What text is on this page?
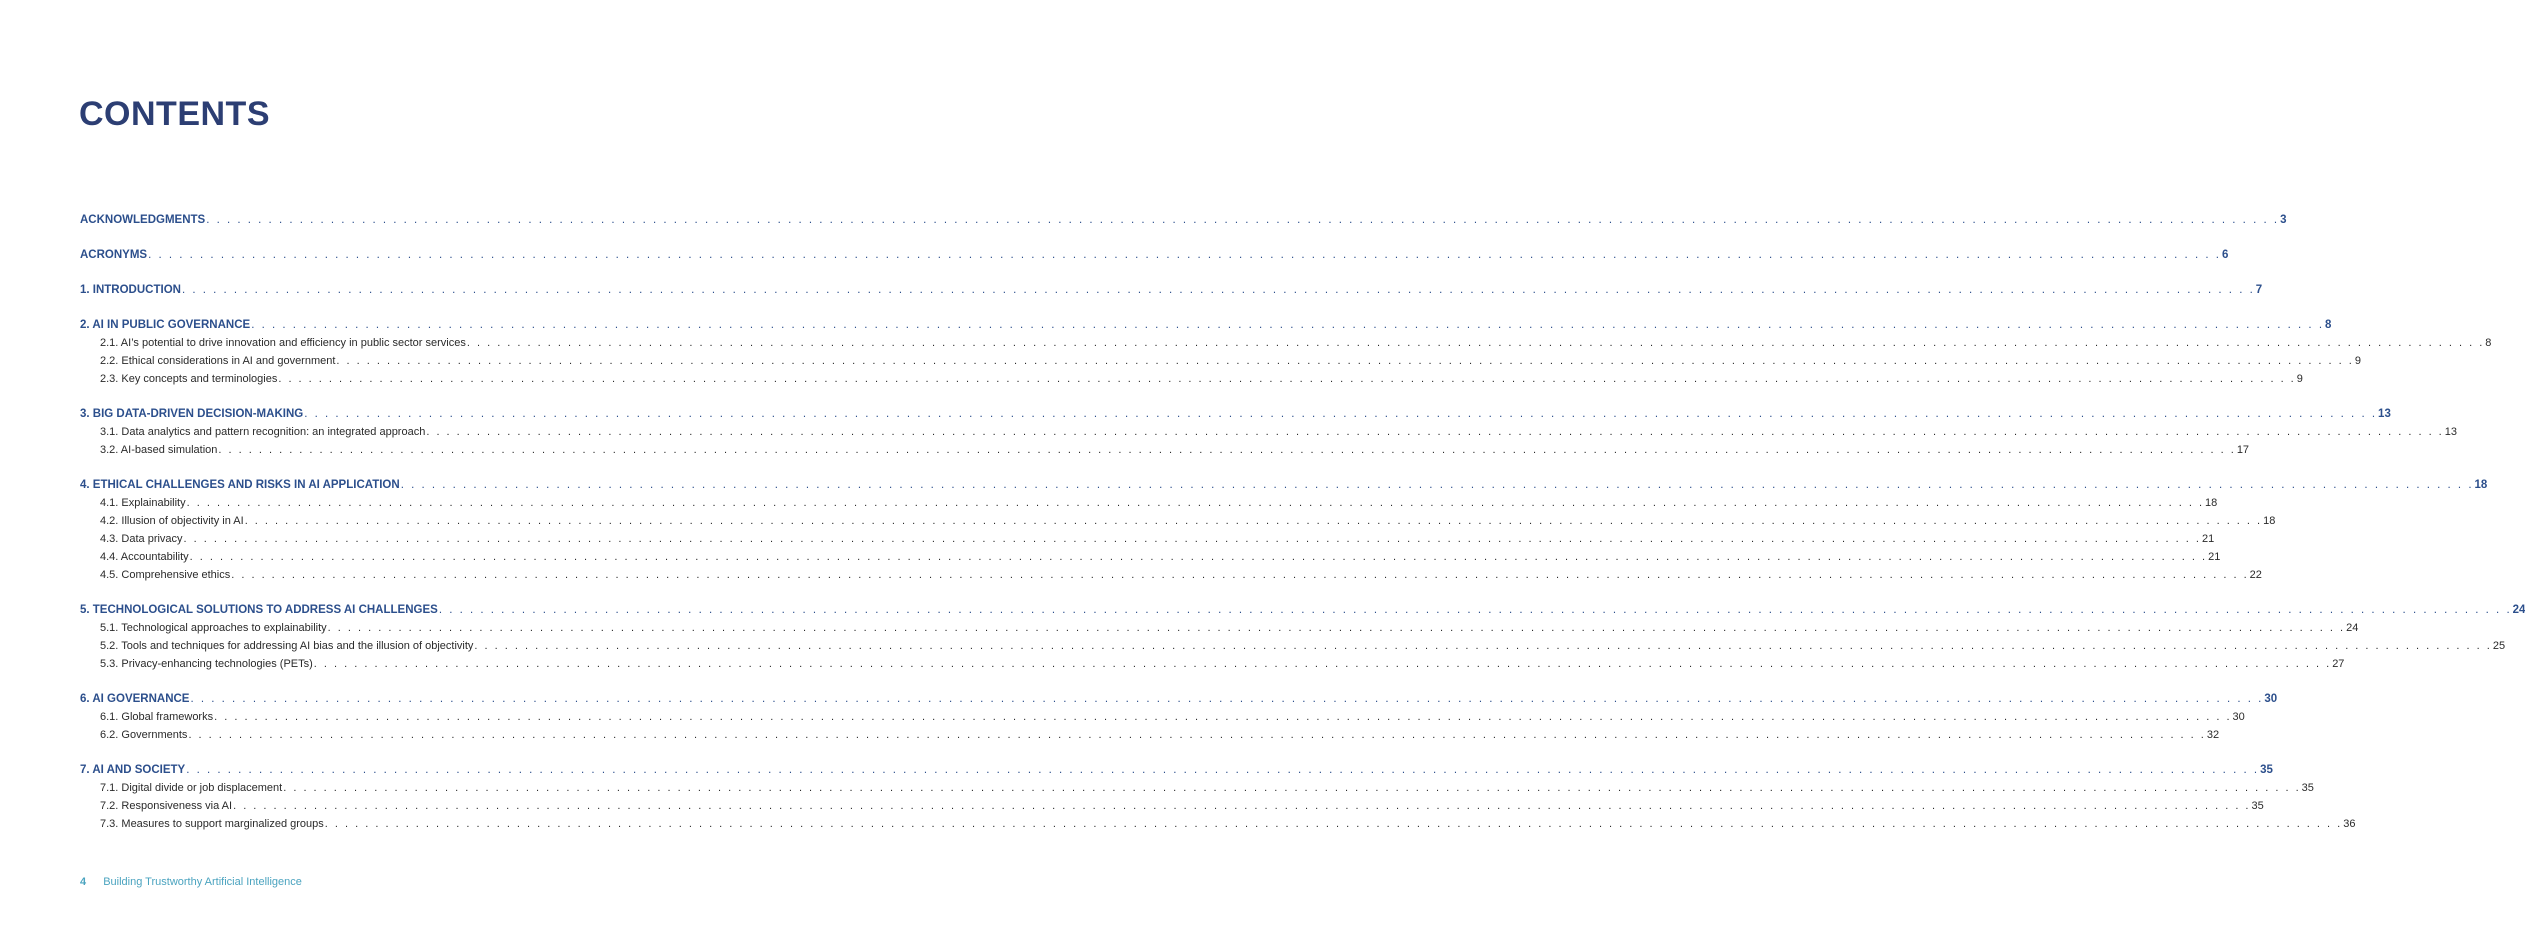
CONTENTS
ACKNOWLEDGMENTS . . . . . . . . . . . . . . . . . . . . . . . . . . . . . . . . . . . . . . . . . . . . . . . . . . . . . . . . . . . . . . . . . . . . . . . . . . . . . . . . . . . . . . . . . . . . . . . . . . . . . . . . . . . . . . . . . . . . . . . . . . . . . . . . . . . . . . . . . . . . . . . . . . . . . . . . . . . . . . . . . . . . . . . . . . . . . . . . . . . . . . . . . . . . . . . . . . . . . . . . 3
ACRONYMS . . . . . . . . . . . . . . . . . . . . . . . . . . . . . . . . . . . . . . . . . . . . . . . . . . . . . . . . . . . . . . . . . . . . . . . . . . . . . . . . . . . . . . . . . . . . . . . . . . . . . . . . . . . . . . . . . . . . . . . . . . . . . . . . . . . . . . . . . . . . . . . . . . . . . . . . . . . . . . . . . . . . . . . . . . . . . . . . . . . . . . . . . . . . . . . . . . . . . . . . 6
1. INTRODUCTION . . . . . . . . . . . . . . . . . . . . . . . . . . . . . . . . . . . . . . . . . . . . . . . . . . . . . . . . . . . . . . . . . . . . . . . . . . . . . . . . . . . . . . . . . . . . . . . . . . . . . . . . . . . . . . . . . . . . . . . . . . . . . . . . . . . . . . . . . . . . . . . . . . . . . . . . . . . . . . . . . . . . . . . . . . . . . . . . . . . . . . . . . . . . . . . . . . . . . . . . 7
2. AI IN PUBLIC GOVERNANCE . . . . . . . . . . . . . . . . . . . . . . . . . . . . . . . . . . . . . . . . . . . . . . . . . . . . . . . . . . . . . . . . . . . . . . . . . . . . . . . . . . . . . . . . . . . . . . . . . . . . . . . . . . . . . . . . . . . . . . . . . . . . . . . . . . . . . . . . . . . . . . . . . . . . . . . . . . . . . . . . . . . . . . . . . . . . . . . . . . . . . . . . . . . . . . . . . . . . . . . . 8
2.1. AI’s potential to drive innovation and efficiency in public sector services . . . . . . . . . . . . . . . . . . . . . . . . . . . . . . . . . . . . . . . . . . . . . . . . . . . . . . . . . . . . . . . . . . . . . . . . . . . . . . . . . . . . . . . . . . . . . . . . . . . . . . . . . . . . . . . . . . . . . . . . . . . . . . . . . . . . . . . . . . . . . . . . . . . . . . . . . . . . . . . . . . . . . . . . . . . . . . . . . . . . . . . . . . . . . . . . . . . . . . . . 8
2.2. Ethical considerations in AI and government . . . . . . . . . . . . . . . . . . . . . . . . . . . . . . . . . . . . . . . . . . . . . . . . . . . . . . . . . . . . . . . . . . . . . . . . . . . . . . . . . . . . . . . . . . . . . . . . . . . . . . . . . . . . . . . . . . . . . . . . . . . . . . . . . . . . . . . . . . . . . . . . . . . . . . . . . . . . . . . . . . . . . . . . . . . . . . . . . . . . . . . . . . . . . . . . . . . . . . . . 9
2.3. Key concepts and terminologies . . . . . . . . . . . . . . . . . . . . . . . . . . . . . . . . . . . . . . . . . . . . . . . . . . . . . . . . . . . . . . . . . . . . . . . . . . . . . . . . . . . . . . . . . . . . . . . . . . . . . . . . . . . . . . . . . . . . . . . . . . . . . . . . . . . . . . . . . . . . . . . . . . . . . . . . . . . . . . . . . . . . . . . . . . . . . . . . . . . . . . . . . . . . . . . . . . . . . . . . 9
3. BIG DATA-DRIVEN DECISION-MAKING . . . . . . . . . . . . . . . . . . . . . . . . . . . . . . . . . . . . . . . . . . . . . . . . . . . . . . . . . . . . . . . . . . . . . . . . . . . . . . . . . . . . . . . . . . . . . . . . . . . . . . . . . . . . . . . . . . . . . . . . . . . . . . . . . . . . . . . . . . . . . . . . . . . . . . . . . . . . . . . . . . . . . . . . . . . . . . . . . . . . . . . . . . . . . . . . . . . . . . . . 13
3.1. Data analytics and pattern recognition: an integrated approach . . . . . . . . . . . . . . . . . . . . . . . . . . . . . . . . . . . . . . . . . . . . . . . . . . . . . . . . . . . . . . . . . . . . . . . . . . . . . . . . . . . . . . . . . . . . . . . . . . . . . . . . . . . . . . . . . . . . . . . . . . . . . . . . . . . . . . . . . . . . . . . . . . . . . . . . . . . . . . . . . . . . . . . . . . . . . . . . . . . . . . . . . . . . . . . . . . . . . . . . 13
3.2. AI-based simulation . . . . . . . . . . . . . . . . . . . . . . . . . . . . . . . . . . . . . . . . . . . . . . . . . . . . . . . . . . . . . . . . . . . . . . . . . . . . . . . . . . . . . . . . . . . . . . . . . . . . . . . . . . . . . . . . . . . . . . . . . . . . . . . . . . . . . . . . . . . . . . . . . . . . . . . . . . . . . . . . . . . . . . . . . . . . . . . . . . . . . . . . . . . . . . . . . . . . . . . . 17
4. ETHICAL CHALLENGES AND RISKS IN AI APPLICATION . . . . . . . . . . . . . . . . . . . . . . . . . . . . . . . . . . . . . . . . . . . . . . . . . . . . . . . . . . . . . . . . . . . . . . . . . . . . . . . . . . . . . . . . . . . . . . . . . . . . . . . . . . . . . . . . . . . . . . . . . . . . . . . . . . . . . . . . . . . . . . . . . . . . . . . . . . . . . . . . . . . . . . . . . . . . . . . . . . . . . . . . . . . . . . . . . . . . . . . . 18
4.1. Explainability . . . . . . . . . . . . . . . . . . . . . . . . . . . . . . . . . . . . . . . . . . . . . . . . . . . . . . . . . . . . . . . . . . . . . . . . . . . . . . . . . . . . . . . . . . . . . . . . . . . . . . . . . . . . . . . . . . . . . . . . . . . . . . . . . . . . . . . . . . . . . . . . . . . . . . . . . . . . . . . . . . . . . . . . . . . . . . . . . . . . . . . . . . . . . . . . . . . . . . . . 18
4.2. Illusion of objectivity in AI . . . . . . . . . . . . . . . . . . . . . . . . . . . . . . . . . . . . . . . . . . . . . . . . . . . . . . . . . . . . . . . . . . . . . . . . . . . . . . . . . . . . . . . . . . . . . . . . . . . . . . . . . . . . . . . . . . . . . . . . . . . . . . . . . . . . . . . . . . . . . . . . . . . . . . . . . . . . . . . . . . . . . . . . . . . . . . . . . . . . . . . . . . . . . . . . . . . . . . . . 18
4.3. Data privacy . . . . . . . . . . . . . . . . . . . . . . . . . . . . . . . . . . . . . . . . . . . . . . . . . . . . . . . . . . . . . . . . . . . . . . . . . . . . . . . . . . . . . . . . . . . . . . . . . . . . . . . . . . . . . . . . . . . . . . . . . . . . . . . . . . . . . . . . . . . . . . . . . . . . . . . . . . . . . . . . . . . . . . . . . . . . . . . . . . . . . . . . . . . . . . . . . . . . . . . . 21
4.4. Accountability . . . . . . . . . . . . . . . . . . . . . . . . . . . . . . . . . . . . . . . . . . . . . . . . . . . . . . . . . . . . . . . . . . . . . . . . . . . . . . . . . . . . . . . . . . . . . . . . . . . . . . . . . . . . . . . . . . . . . . . . . . . . . . . . . . . . . . . . . . . . . . . . . . . . . . . . . . . . . . . . . . . . . . . . . . . . . . . . . . . . . . . . . . . . . . . . . . . . . . . . 21
4.5. Comprehensive ethics . . . . . . . . . . . . . . . . . . . . . . . . . . . . . . . . . . . . . . . . . . . . . . . . . . . . . . . . . . . . . . . . . . . . . . . . . . . . . . . . . . . . . . . . . . . . . . . . . . . . . . . . . . . . . . . . . . . . . . . . . . . . . . . . . . . . . . . . . . . . . . . . . . . . . . . . . . . . . . . . . . . . . . . . . . . . . . . . . . . . . . . . . . . . . . . . . . . . . . . . 22
5. TECHNOLOGICAL SOLUTIONS TO ADDRESS AI CHALLENGES . . . . . . . . . . . . . . . . . . . . . . . . . . . . . . . . . . . . . . . . . . . . . . . . . . . . . . . . . . . . . . . . . . . . . . . . . . . . . . . . . . . . . . . . . . . . . . . . . . . . . . . . . . . . . . . . . . . . . . . . . . . . . . . . . . . . . . . . . . . . . . . . . . . . . . . . . . . . . . . . . . . . . . . . . . . . . . . . . . . . . . . . . . . . . . . . . . . . . . . . 24
5.1. Technological approaches to explainability . . . . . . . . . . . . . . . . . . . . . . . . . . . . . . . . . . . . . . . . . . . . . . . . . . . . . . . . . . . . . . . . . . . . . . . . . . . . . . . . . . . . . . . . . . . . . . . . . . . . . . . . . . . . . . . . . . . . . . . . . . . . . . . . . . . . . . . . . . . . . . . . . . . . . . . . . . . . . . . . . . . . . . . . . . . . . . . . . . . . . . . . . . . . . . . . . . . . . . . . 24
5.2. Tools and techniques for addressing AI bias and the illusion of objectivity . . . . . . . . . . . . . . . . . . . . . . . . . . . . . . . . . . . . . . . . . . . . . . . . . . . . . . . . . . . . . . . . . . . . . . . . . . . . . . . . . . . . . . . . . . . . . . . . . . . . . . . . . . . . . . . . . . . . . . . . . . . . . . . . . . . . . . . . . . . . . . . . . . . . . . . . . . . . . . . . . . . . . . . . . . . . . . . . . . . . . . . . . . . . . . . . . . . . . . . . 25
5.3. Privacy-enhancing technologies (PETs) . . . . . . . . . . . . . . . . . . . . . . . . . . . . . . . . . . . . . . . . . . . . . . . . . . . . . . . . . . . . . . . . . . . . . . . . . . . . . . . . . . . . . . . . . . . . . . . . . . . . . . . . . . . . . . . . . . . . . . . . . . . . . . . . . . . . . . . . . . . . . . . . . . . . . . . . . . . . . . . . . . . . . . . . . . . . . . . . . . . . . . . . . . . . . . . . . . . . . . . . 27
6. AI GOVERNANCE . . . . . . . . . . . . . . . . . . . . . . . . . . . . . . . . . . . . . . . . . . . . . . . . . . . . . . . . . . . . . . . . . . . . . . . . . . . . . . . . . . . . . . . . . . . . . . . . . . . . . . . . . . . . . . . . . . . . . . . . . . . . . . . . . . . . . . . . . . . . . . . . . . . . . . . . . . . . . . . . . . . . . . . . . . . . . . . . . . . . . . . . . . . . . . . . . . . . . . . . 30
6.1. Global frameworks . . . . . . . . . . . . . . . . . . . . . . . . . . . . . . . . . . . . . . . . . . . . . . . . . . . . . . . . . . . . . . . . . . . . . . . . . . . . . . . . . . . . . . . . . . . . . . . . . . . . . . . . . . . . . . . . . . . . . . . . . . . . . . . . . . . . . . . . . . . . . . . . . . . . . . . . . . . . . . . . . . . . . . . . . . . . . . . . . . . . . . . . . . . . . . . . . . . . . . . . 30
6.2. Governments . . . . . . . . . . . . . . . . . . . . . . . . . . . . . . . . . . . . . . . . . . . . . . . . . . . . . . . . . . . . . . . . . . . . . . . . . . . . . . . . . . . . . . . . . . . . . . . . . . . . . . . . . . . . . . . . . . . . . . . . . . . . . . . . . . . . . . . . . . . . . . . . . . . . . . . . . . . . . . . . . . . . . . . . . . . . . . . . . . . . . . . . . . . . . . . . . . . . . . . . 32
7. AI AND SOCIETY . . . . . . . . . . . . . . . . . . . . . . . . . . . . . . . . . . . . . . . . . . . . . . . . . . . . . . . . . . . . . . . . . . . . . . . . . . . . . . . . . . . . . . . . . . . . . . . . . . . . . . . . . . . . . . . . . . . . . . . . . . . . . . . . . . . . . . . . . . . . . . . . . . . . . . . . . . . . . . . . . . . . . . . . . . . . . . . . . . . . . . . . . . . . . . . . . . . . . . . . 35
7.1. Digital divide or job displacement . . . . . . . . . . . . . . . . . . . . . . . . . . . . . . . . . . . . . . . . . . . . . . . . . . . . . . . . . . . . . . . . . . . . . . . . . . . . . . . . . . . . . . . . . . . . . . . . . . . . . . . . . . . . . . . . . . . . . . . . . . . . . . . . . . . . . . . . . . . . . . . . . . . . . . . . . . . . . . . . . . . . . . . . . . . . . . . . . . . . . . . . . . . . . . . . . . . . . . . . 35
7.2. Responsiveness via AI . . . . . . . . . . . . . . . . . . . . . . . . . . . . . . . . . . . . . . . . . . . . . . . . . . . . . . . . . . . . . . . . . . . . . . . . . . . . . . . . . . . . . . . . . . . . . . . . . . . . . . . . . . . . . . . . . . . . . . . . . . . . . . . . . . . . . . . . . . . . . . . . . . . . . . . . . . . . . . . . . . . . . . . . . . . . . . . . . . . . . . . . . . . . . . . . . . . . . . . . 35
7.3. Measures to support marginalized groups . . . . . . . . . . . . . . . . . . . . . . . . . . . . . . . . . . . . . . . . . . . . . . . . . . . . . . . . . . . . . . . . . . . . . . . . . . . . . . . . . . . . . . . . . . . . . . . . . . . . . . . . . . . . . . . . . . . . . . . . . . . . . . . . . . . . . . . . . . . . . . . . . . . . . . . . . . . . . . . . . . . . . . . . . . . . . . . . . . . . . . . . . . . . . . . . . . . . . . . . 36
4 Building Trustworthy Artificial Intelligence
